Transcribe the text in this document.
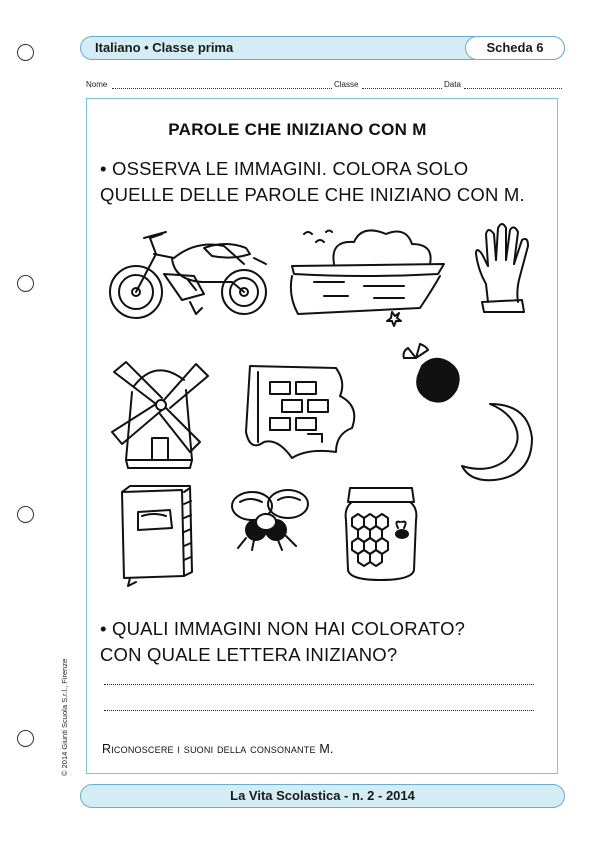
Italiano • Classe prima	Scheda 6
Nome	Classe	Data
PAROLE CHE INIZIANO CON M
• OSSERVA LE IMMAGINI. COLORA SOLO
QUELLE DELLE PAROLE CHE INIZIANO CON M.
• QUALI IMMAGINI NON HAI COLORATO?
CON QUALE LETTERA INIZIANO?
Riconoscere i suoni della consonante M.
© 2014 Giunti Scuola S.r.l., Firenze
La Vita Scolastica - n. 2 - 2014
